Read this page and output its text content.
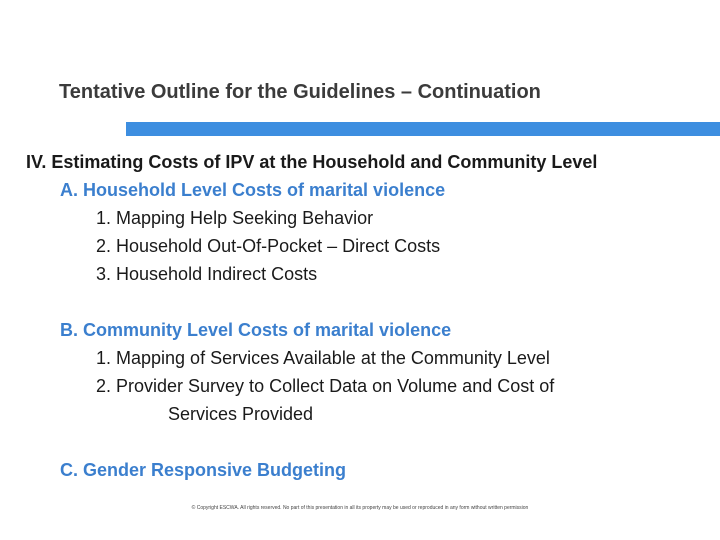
Tentative Outline for the Guidelines – Continuation
IV. Estimating Costs of IPV at the Household and Community Level
A. Household Level Costs of marital violence
1. Mapping Help Seeking Behavior
2. Household Out-Of-Pocket – Direct Costs
3. Household Indirect Costs
B. Community Level Costs of marital violence
1. Mapping of Services Available at the Community Level
2. Provider Survey to Collect Data on Volume and Cost of
Services Provided
C. Gender Responsive Budgeting
© Copyright ESCWA. All rights reserved. No part of this presentation in all its property may be used or reproduced in any form without written permission
